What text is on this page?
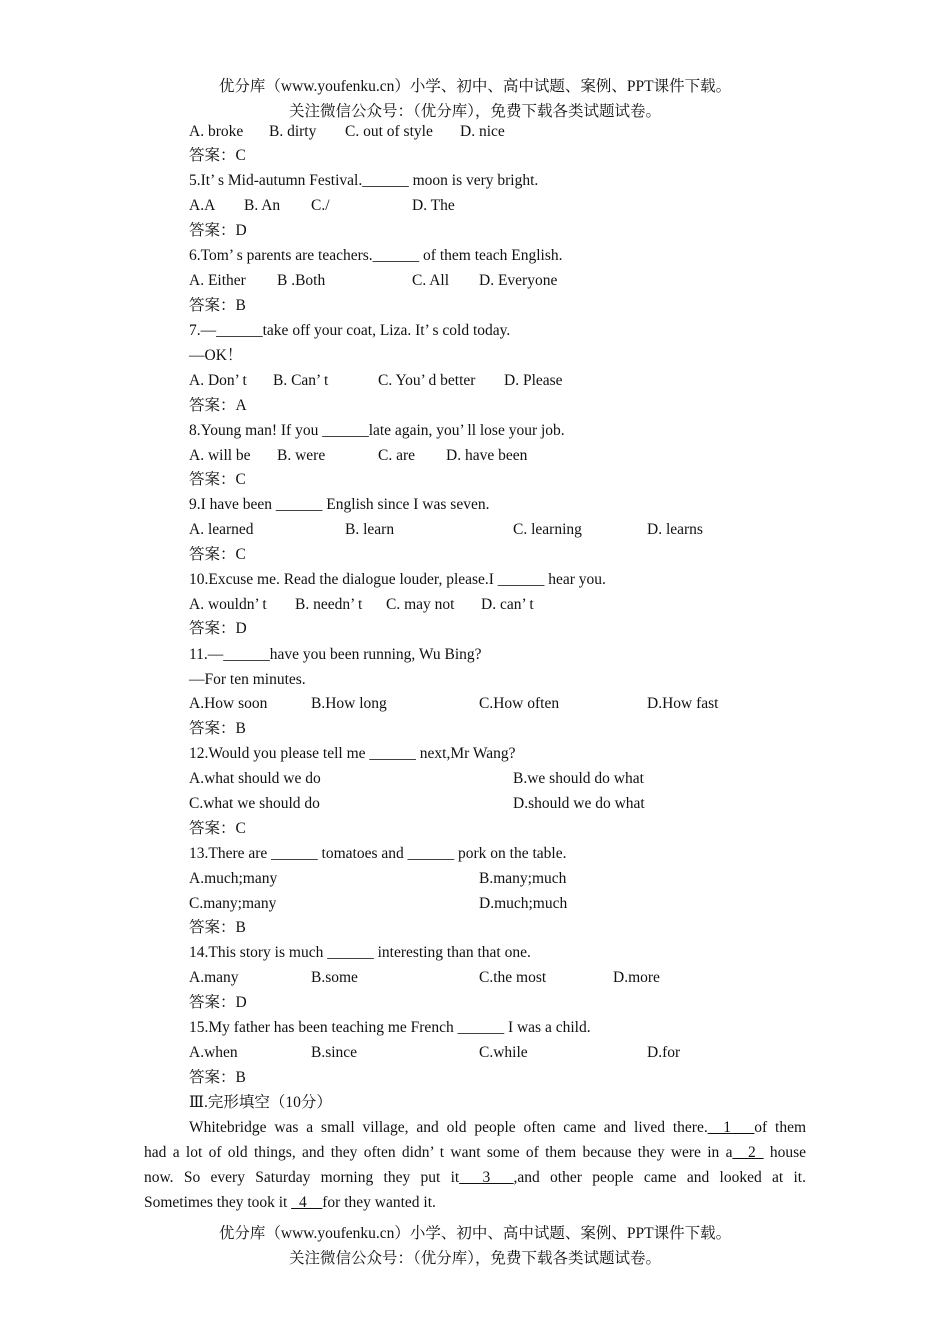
优分库（www.youfenku.cn）小学、初中、高中试题、案例、PPT课件下载。
关注微信公众号：（优分库），免费下载各类试题试卷。
A. broke B. dirty C. out of style D. nice
答案：C
5.It’ s Mid-autumn Festival.______ moon is very bright.
A.A B. An C./	D. The
答案：D
6.Tom’ s parents are teachers.______ of them teach English.
A. Either B .Both	C. All D. Everyone
答案：B
7.—______take off your coat, Liza. It’ s cold today.
—OK！
A. Don’ t B. Can’ t	C. You’ d better D. Please
答案：A
8.Young man! If you ______late again, you’ ll lose your job.
A. will be B. were	C. are D. have been
答案：C
9.I have been ______ English since I was seven.
A. learned	B. learn	C. learning	D. learns
答案：C
10.Excuse me. Read the dialogue louder, please.I ______ hear you.
A. wouldn’ t B. needn’ t C. may not D. can’ t
答案：D
11.—______have you been running, Wu Bing?
—For ten minutes.
A.How soon	B.How long	C.How often	D.How fast
答案：B
12.Would you please tell me ______ next,Mr Wang?
A.what should we do	B.we should do what
C.what we should do	D.should we do what
答案：C
13.There are ______ tomatoes and ______ pork on the table.
A.much;many	B.many;much
C.many;many	D.much;much
答案：B
14.This story is much ______ interesting than that one.
A.many	B.some	C.the most	D.more
答案：D
15.My father has been teaching me French ______ I was a child.
A.when	B.since	C.while	D.for
答案：B
Ⅲ.完形填空（10分）
Whitebridge was a small village, and old people often came and lived there.__1___of them
had a lot of old things, and they often didn’ t want some of them because they were in a__2_ house
now. So every Saturday morning they put it___3___,and other people came and looked at it.
Sometimes they took it _4__for they wanted it.
优分库（www.youfenku.cn）小学、初中、高中试题、案例、PPT课件下载。
关注微信公众号：（优分库），免费下载各类试题试卷。
